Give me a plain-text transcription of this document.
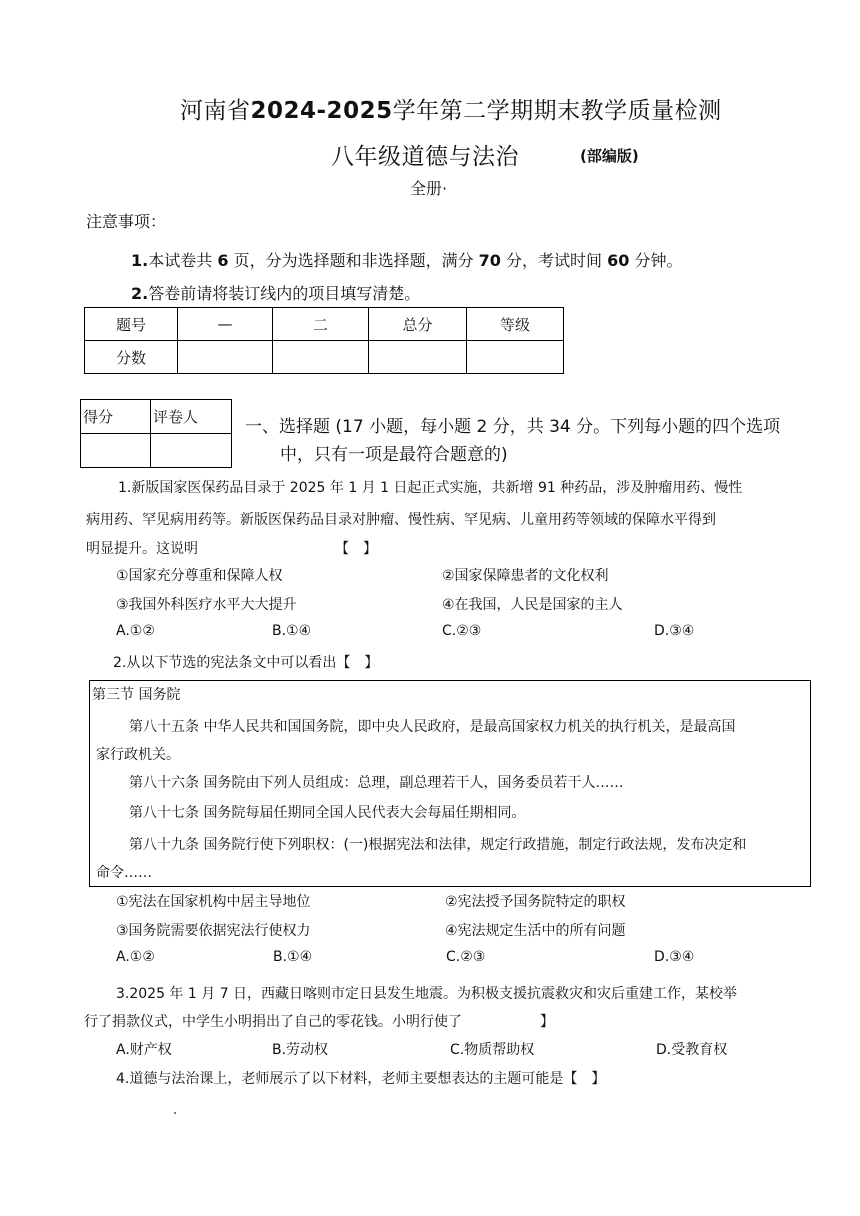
河南省2024-2025学年第二学期期末教学质量检测
八年级道德与法治	(部编版)
全册·
注意事项：
1.本试卷共 6 页，分为选择题和非选择题，满分 70 分，考试时间 60 分钟。
2.答卷前请将装订线内的项目填写清楚。
题号	—	二	总分	等级
分数				
得分	评卷人
		一、选择题 (17 小题，每小题 2 分，共 34 分。下列每小题的四个选项
中，只有一项是最符合题意的)
1.新版国家医保药品目录于 2025 年 1 月 1 日起正式实施，共新增 91 种药品，涉及肿瘤用药、慢性
病用药、罕见病用药等。新版医保药品目录对肿瘤、慢性病、罕见病、儿童用药等领域的保障水平得到
明显提升。这说明	【　】
①国家充分尊重和保障人权	②国家保障患者的文化权利
③我国外科医疗水平大大提升	④在我国，人民是国家的主人
A.①②	B.①④	C.②③	D.③④
2.从以下节选的宪法条文中可以看出【　】
第三节 国务院
第八十五条 中华人民共和国国务院，即中央人民政府，是最高国家权力机关的执行机关，是最高国
家行政机关。
第八十六条 国务院由下列人员组成：总理，副总理若干人，国务委员若干人……
第八十七条 国务院每届任期同全国人民代表大会每届任期相同。
第八十九条 国务院行使下列职权：(一)根据宪法和法律，规定行政措施，制定行政法规，发布决定和
命令……
①宪法在国家机构中居主导地位	②宪法授予国务院特定的职权
③国务院需要依据宪法行使权力	④宪法规定生活中的所有问题
A.①②	B.①④	C.②③	D.③④
3.2025 年 1 月 7 日，西藏日喀则市定日县发生地震。为积极支援抗震救灾和灾后重建工作，某校举
行了捐款仪式，中学生小明捐出了自己的零花钱。小明行使了	】
A.财产权	B.劳动权	C.物质帮助权	D.受教育权
4.道德与法治课上，老师展示了以下材料，老师主要想表达的主题可能是【　】
